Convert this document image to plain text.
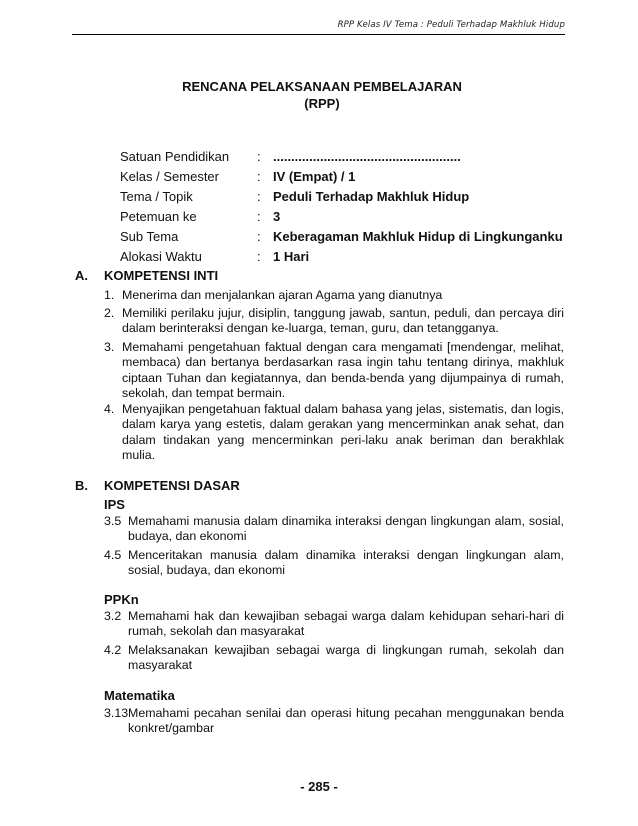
RPP Kelas IV Tema : Peduli Terhadap Makhluk Hidup
RENCANA PELAKSANAAN PEMBELAJARAN
(RPP)
Satuan Pendidikan : ....................................................
Kelas / Semester	: IV (Empat) / 1
Tema / Topik	: Peduli Terhadap Makhluk Hidup
Petemuan ke	: 3
Sub Tema	: Keberagaman Makhluk Hidup di Lingkunganku
Alokasi Waktu	: 1 Hari
A. KOMPETENSI INTI
1. Menerima dan menjalankan ajaran Agama yang dianutnya
2. Memiliki perilaku jujur, disiplin, tanggung jawab, santun, peduli, dan percaya diri dalam berinteraksi dengan ke-luarga, teman, guru, dan tetangganya.
3. Memahami pengetahuan faktual dengan cara mengamati [mendengar, melihat, membaca) dan bertanya berdasarkan rasa ingin tahu tentang dirinya, makhluk ciptaan Tuhan dan kegiatannya, dan benda-benda yang dijumpainya di rumah, sekolah, dan tempat bermain.
4. Menyajikan pengetahuan faktual dalam bahasa yang jelas, sistematis, dan logis, dalam karya yang estetis, dalam gerakan yang mencerminkan anak sehat, dan dalam tindakan yang mencerminkan peri-laku anak beriman dan berakhlak mulia.
B. KOMPETENSI DASAR
IPS
3.5 Memahami manusia dalam dinamika interaksi dengan lingkungan alam, sosial, budaya, dan ekonomi
4.5 Menceritakan manusia dalam dinamika interaksi dengan lingkungan alam, sosial, budaya, dan ekonomi
PPKn
3.2 Memahami hak dan kewajiban sebagai warga dalam kehidupan sehari-hari di rumah, sekolah dan masyarakat
4.2 Melaksanakan kewajiban sebagai warga di lingkungan rumah, sekolah dan masyarakat
Matematika
3.13 Memahami pecahan senilai dan operasi hitung pecahan menggunakan benda konkret/gambar
- 285 -
